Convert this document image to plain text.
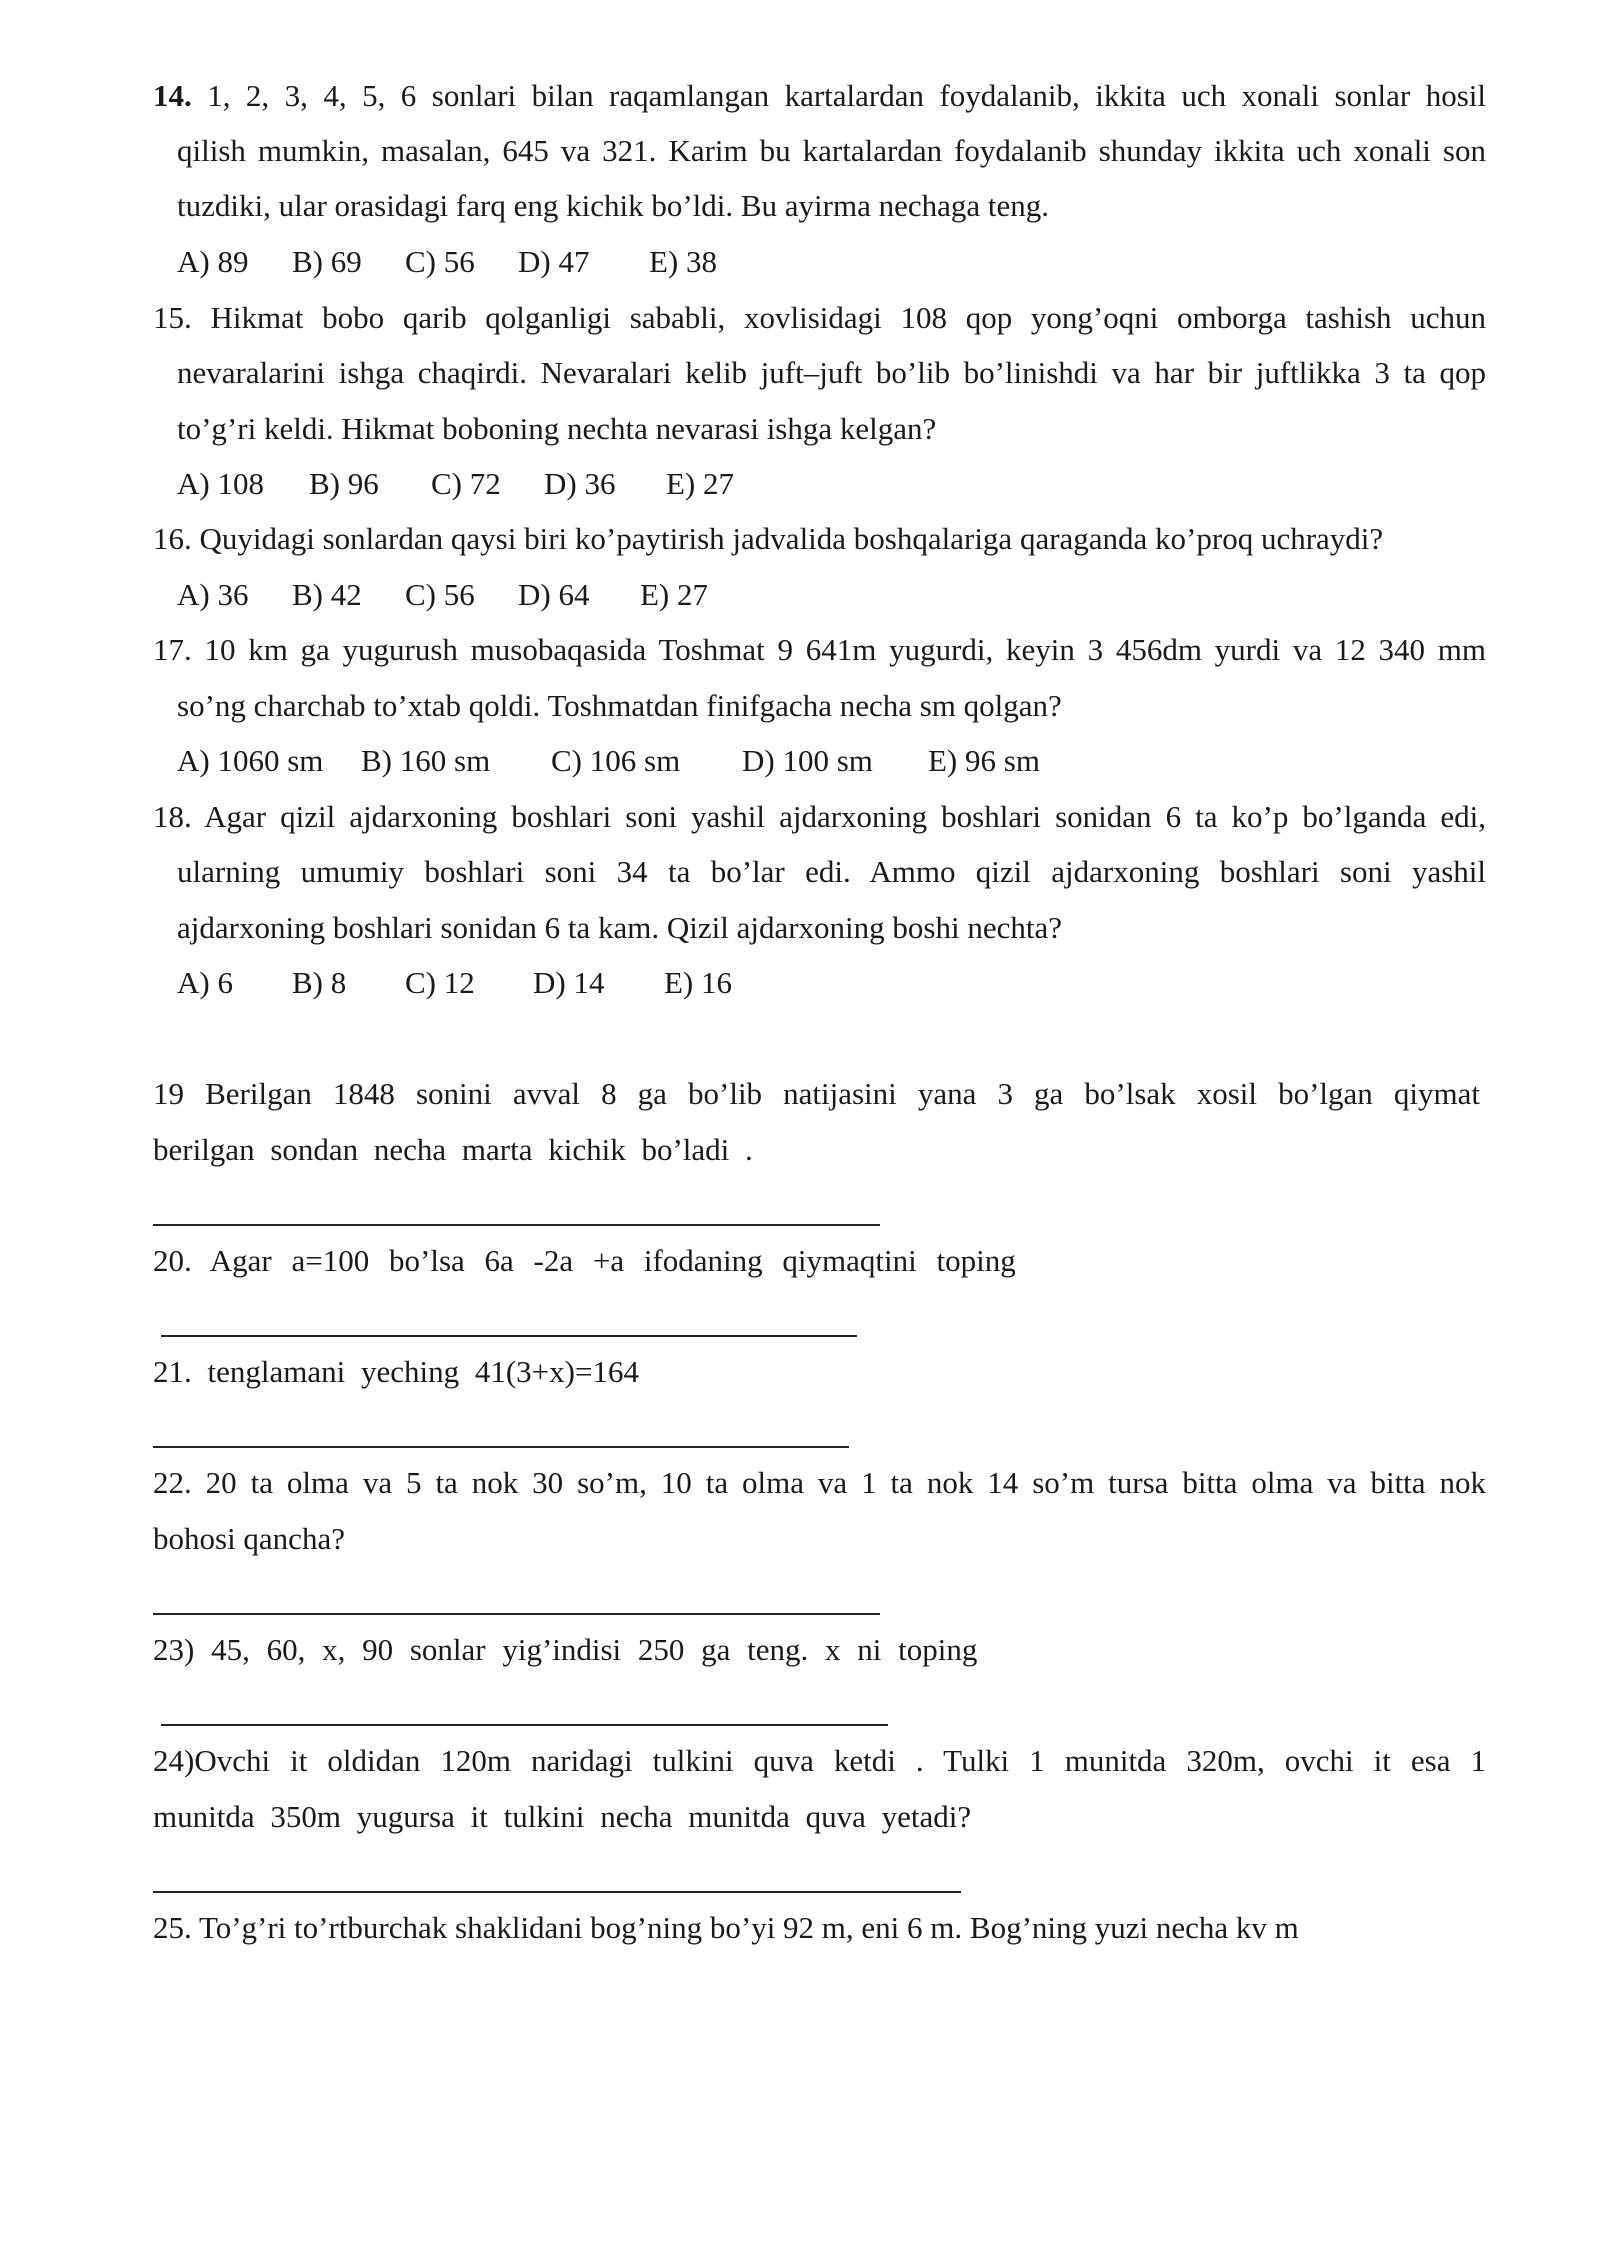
14. 1, 2, 3, 4, 5, 6 sonlari bilan raqamlangan kartalardan foydalanib, ikkita uch xonali sonlar hosil
qilish mumkin, masalan, 645 va 321. Karim bu kartalardan foydalanib shunday ikkita uch xonali son
tuzdiki, ular orasidagi farq eng kichik bo’ldi. Bu ayirma nechaga teng.
A) 89 B) 69 C) 56 D) 47 E) 38
15. Hikmat bobo qarib qolganligi sababli, xovlisidagi 108 qop yong’oqni omborga tashish uchun
nevaralarini ishga chaqirdi. Nevaralari kelib juft–juft bo’lib bo’linishdi va har bir juftlikka 3 ta qop
to’g’ri keldi. Hikmat boboning nechta nevarasi ishga kelgan?
A) 108 B) 96 C) 72 D) 36 E) 27
16. Quyidagi sonlardan qaysi biri ko’paytirish jadvalida boshqalariga qaraganda ko’proq uchraydi?
A) 36 B) 42 C) 56 D) 64 E) 27
17. 10 km ga yugurush musobaqasida Toshmat 9 641m yugurdi, keyin 3 456dm yurdi va 12 340 mm
so’ng charchab to’xtab qoldi. Toshmatdan finifgacha necha sm qolgan?
A) 1060 sm B) 160 sm C) 106 sm D) 100 sm E) 96 sm
18. Agar qizil ajdarxoning boshlari soni yashil ajdarxoning boshlari sonidan 6 ta ko’p bo’lganda edi,
ularning umumiy boshlari soni 34 ta bo’lar edi. Ammo qizil ajdarxoning boshlari soni yashil
ajdarxoning boshlari sonidan 6 ta kam. Qizil ajdarxoning boshi nechta?
A) 6 B) 8 C) 12 D) 14 E) 16
19 Berilgan 1848 sonini avval 8 ga bo’lib natijasini yana 3 ga bo’lsak xosil bo’lgan qiymat
berilgan sondan necha marta kichik bo’ladi .
20. Agar a=100 bo’lsa 6a -2a +a ifodaning qiymaqtini toping
21. tenglamani yeching 41(3+x)=164
22. 20 ta olma va 5 ta nok 30 so’m, 10 ta olma va 1 ta nok 14 so’m tursa bitta olma va bitta nok
bohosi qancha?
23) 45, 60, x, 90 sonlar yig’indisi 250 ga teng. x ni toping
24)Ovchi it oldidan 120m naridagi tulkini quva ketdi . Tulki 1 munitda 320m, ovchi it esa 1
munitda 350m yugursa it tulkini necha munitda quva yetadi?
25. To’g’ri to’rtburchak shaklidani bog’ning bo’yi 92 m, eni 6 m. Bog’ning yuzi necha kv m
